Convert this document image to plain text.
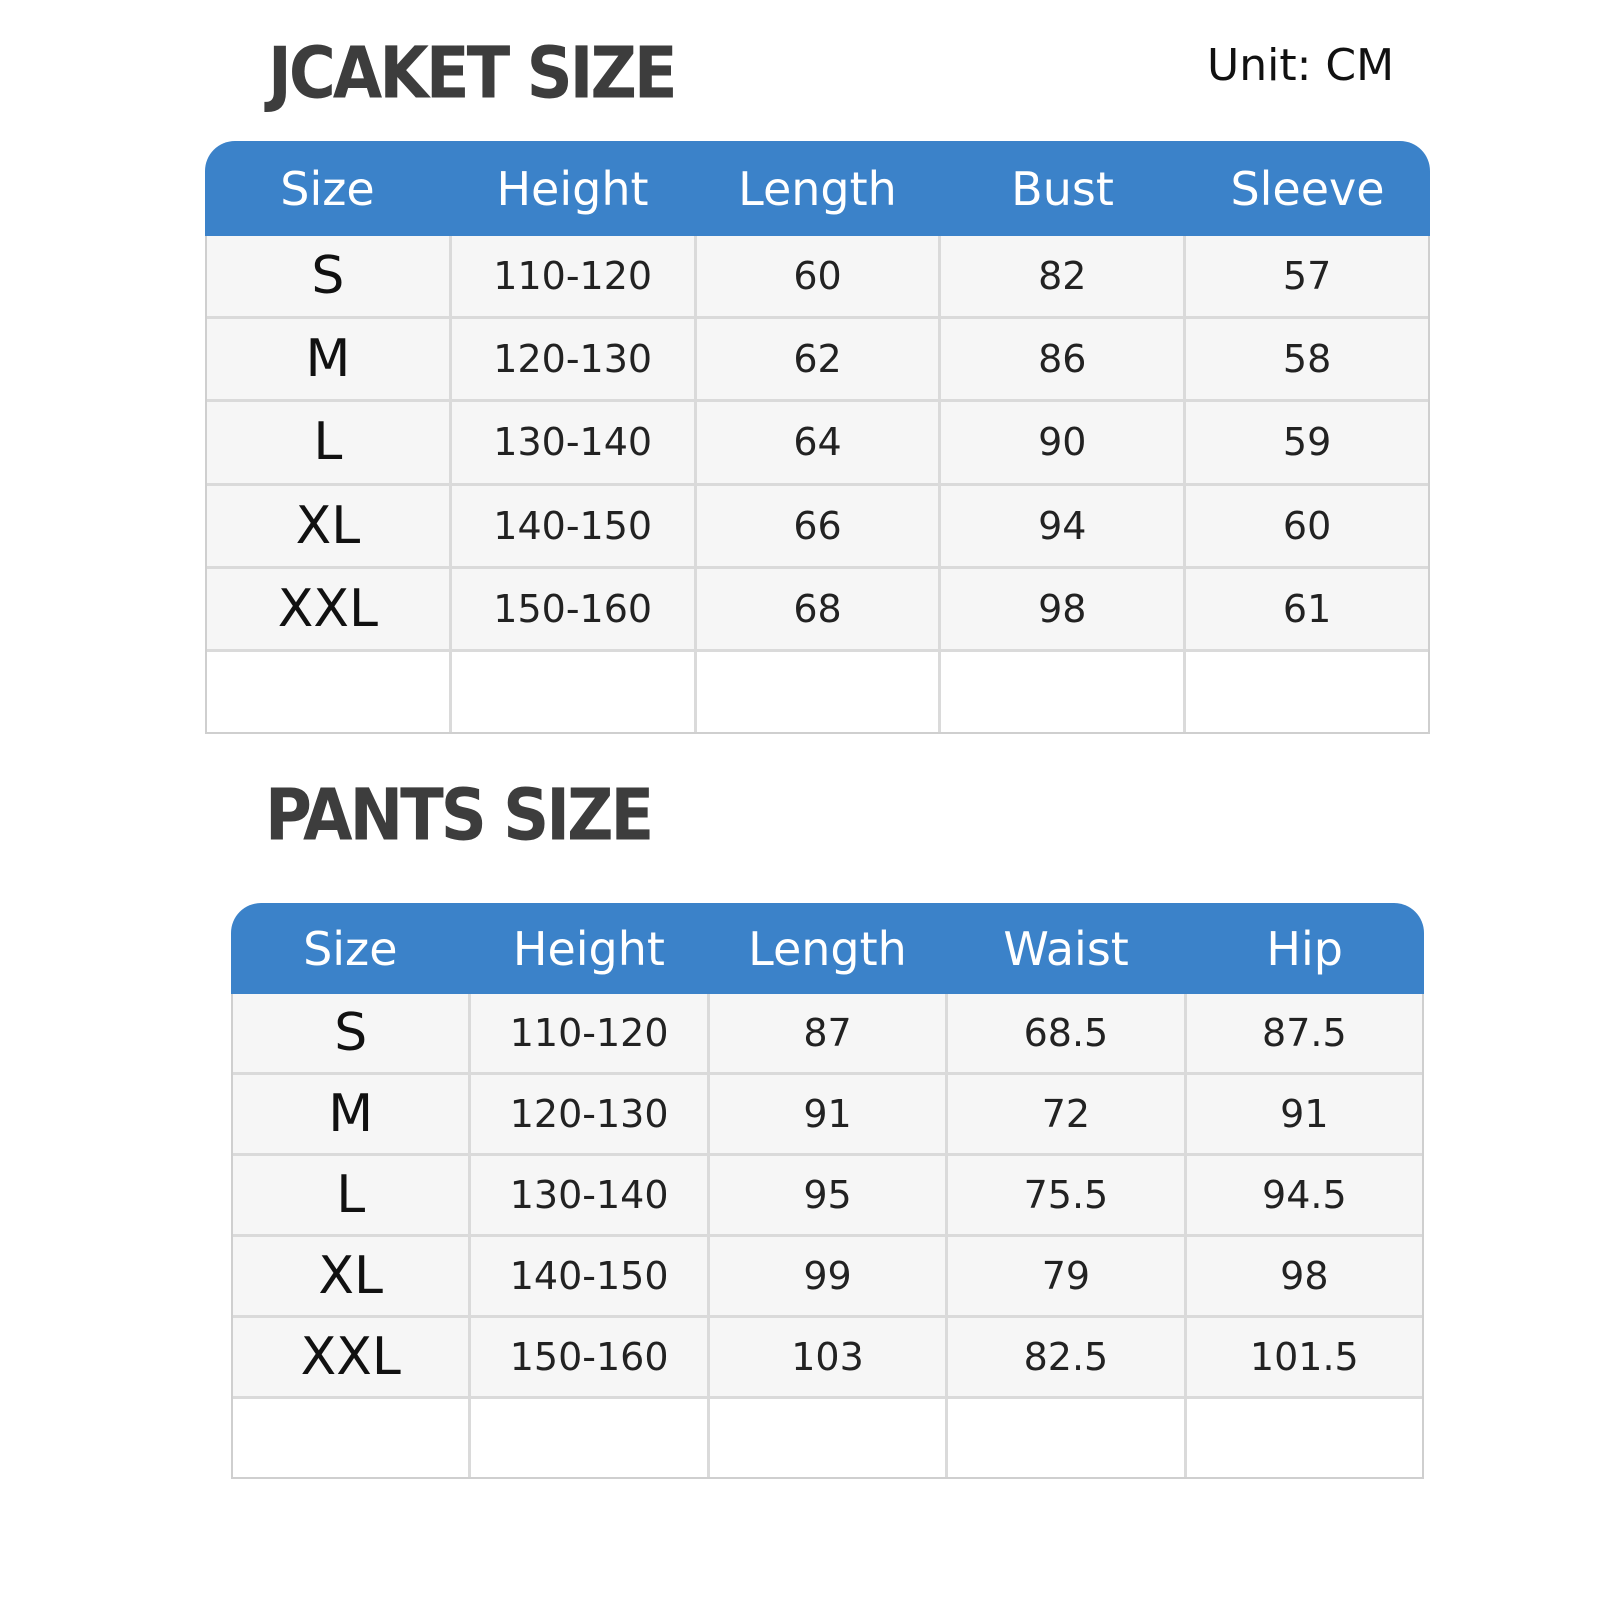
JCAKET SIZE	Unit: CM
Size	Height	Length	Bust	Sleeve
S	110-120	60	82	57
M	120-130	62	86	58
L	130-140	64	90	59
XL	140-150	66	94	60
XXL	150-160	68	98	61
PANTS SIZE
Size	Height	Length	Waist	Hip
S	110-120	87	68.5	87.5
M	120-130	91	72	91
L	130-140	95	75.5	94.5
XL	140-150	99	79	98
XXL	150-160	103	82.5	101.5
